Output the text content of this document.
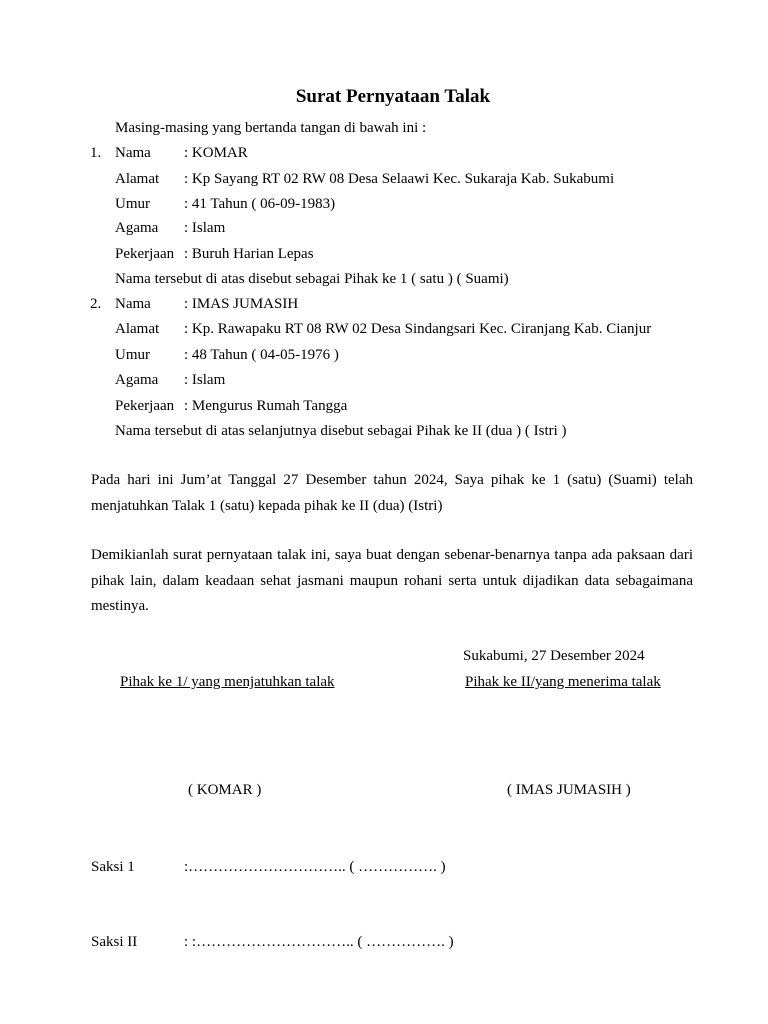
Surat Pernyataan Talak
Masing-masing yang bertanda tangan di bawah ini :
1. Nama : KOMAR
Alamat : Kp Sayang RT 02 RW 08 Desa Selaawi Kec. Sukaraja Kab. Sukabumi
Umur : 41 Tahun ( 06-09-1983)
Agama : Islam
Pekerjaan : Buruh Harian Lepas
Nama tersebut di atas disebut sebagai Pihak ke 1 ( satu ) ( Suami)
2. Nama : IMAS JUMASIH
Alamat : Kp. Rawapaku RT 08 RW 02 Desa Sindangsari Kec. Ciranjang Kab. Cianjur
Umur : 48 Tahun ( 04-05-1976 )
Agama : Islam
Pekerjaan : Mengurus Rumah Tangga
Nama tersebut di atas selanjutnya disebut sebagai Pihak ke II (dua ) ( Istri )
Pada hari ini Jum’at Tanggal 27 Desember tahun 2024, Saya pihak ke 1 (satu) (Suami) telah menjatuhkan Talak 1 (satu) kepada pihak ke II (dua) (Istri)
Demikianlah surat pernyataan talak ini, saya buat dengan sebenar-benarnya tanpa ada paksaan dari pihak lain, dalam keadaan sehat jasmani maupun rohani serta untuk dijadikan data sebagaimana mestinya.
Sukabumi, 27 Desember 2024
Pihak ke 1/ yang menjatuhkan talak	Pihak ke II/yang menerima talak
( KOMAR )	( IMAS JUMASIH )
Saksi 1	:………………………….. ( ……………. )
Saksi II	: :………………………….. ( ……………. )
